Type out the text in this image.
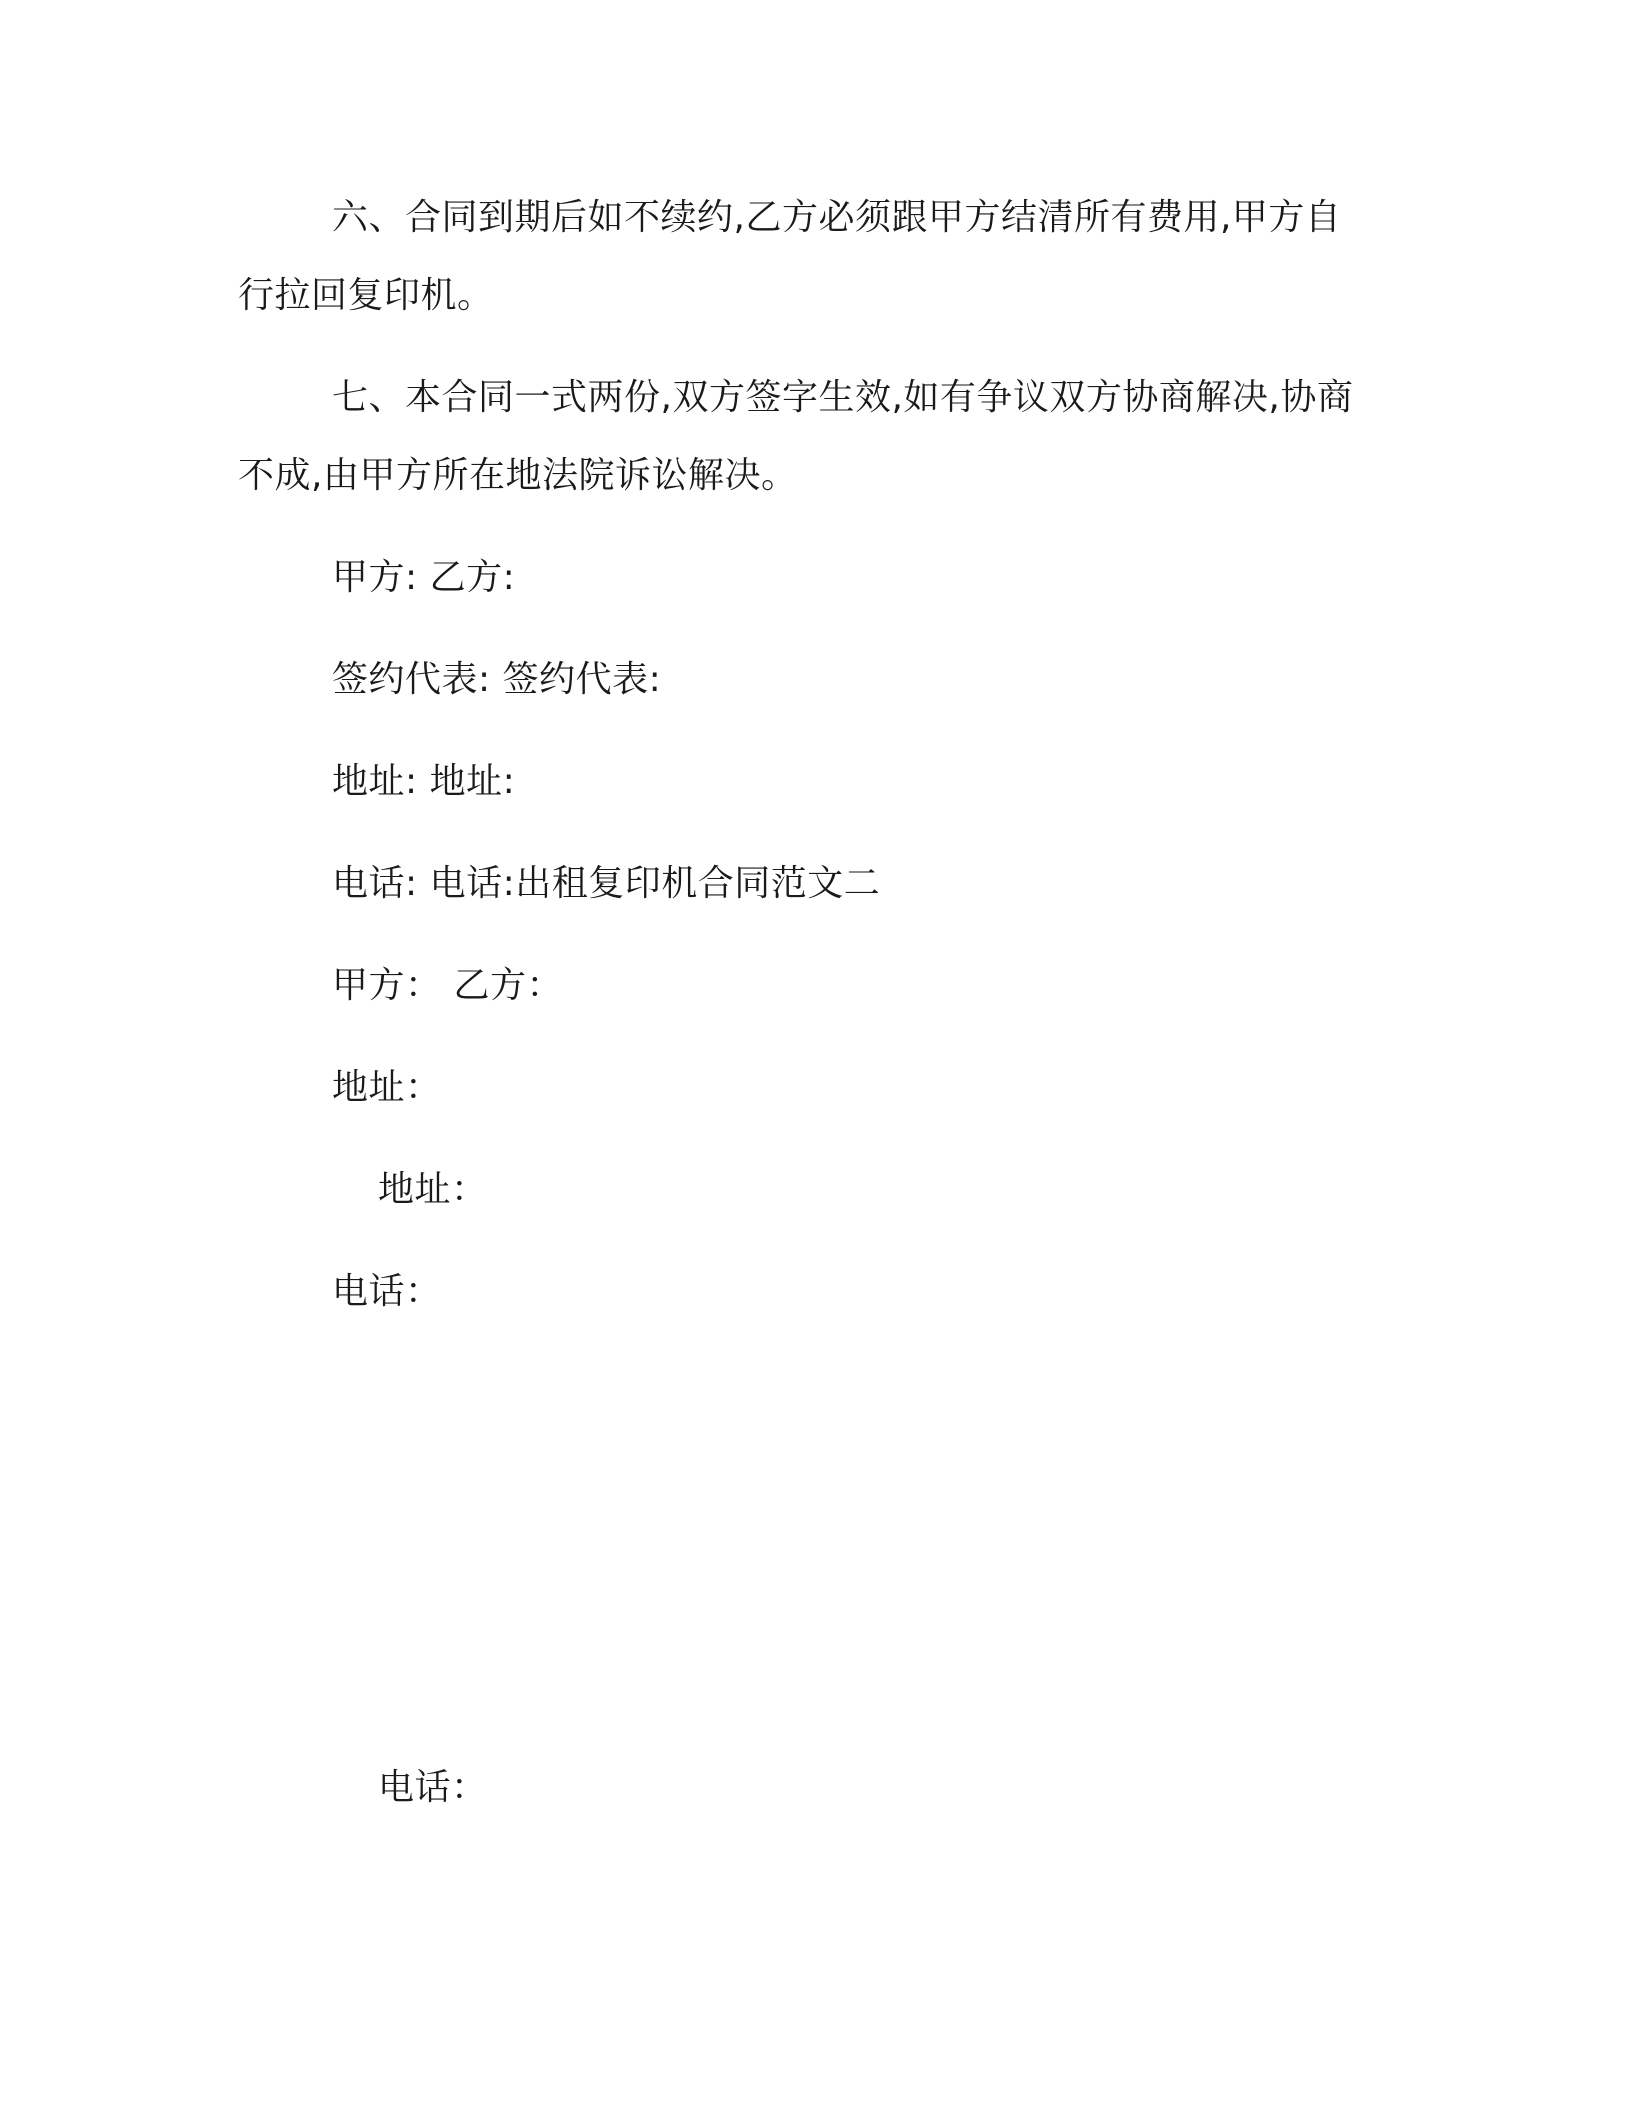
六、合同到期后如不续约,乙方必须跟甲方结清所有费用,甲方自
行拉回复印机。
七、本合同一式两份,双方签字生效,如有争议双方协商解决,协商
不成,由甲方所在地法院诉讼解决。
甲方: 乙方:
签约代表: 签约代表:
地址: 地址:
电话: 电话:出租复印机合同范文二
甲方： 乙方：
地址：
地址：
电话：
电话：
